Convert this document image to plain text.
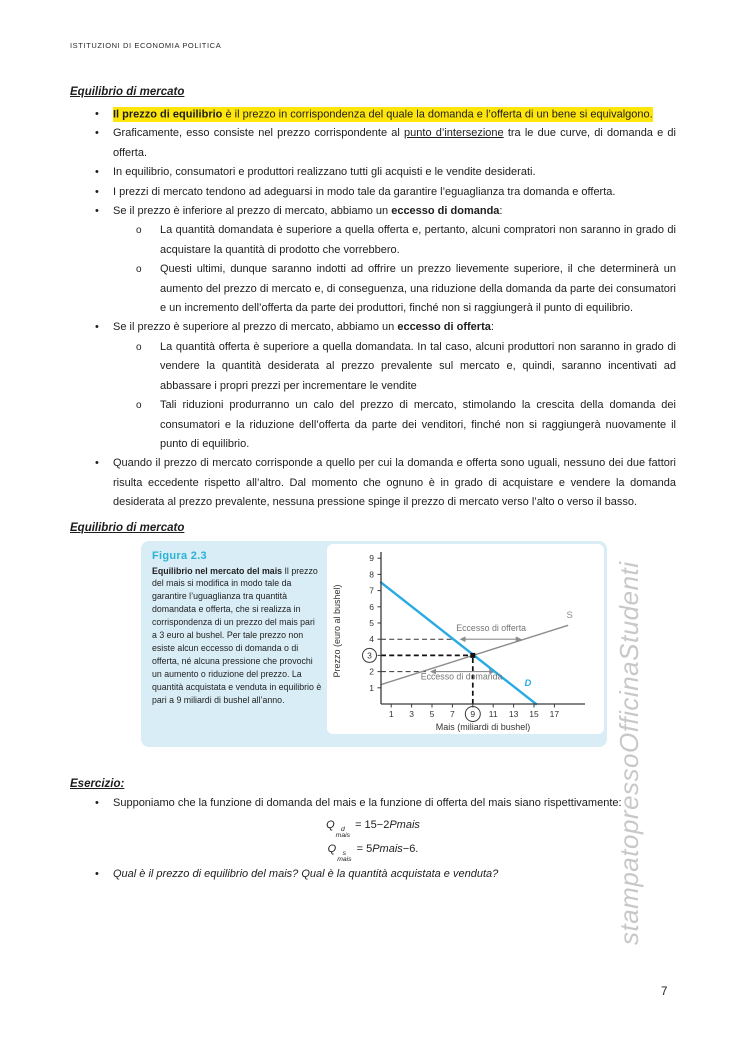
stampatopressoOfficinaStudenti
ISTITUZIONI DI ECONOMIA POLITICA
Equilibrio di mercato
• Il prezzo di equilibrio è il prezzo in corrispondenza del quale la domanda e l’offerta di un bene si equivalgono.
• Graficamente, esso consiste nel prezzo corrispondente al punto d’intersezione tra le due curve, di domanda e di offerta.
• In equilibrio, consumatori e produttori realizzano tutti gli acquisti e le vendite desiderati.
• I prezzi di mercato tendono ad adeguarsi in modo tale da garantire l’eguaglianza tra domanda e offerta.
• Se il prezzo è inferiore al prezzo di mercato, abbiamo un eccesso di domanda:
o La quantità domandata è superiore a quella offerta e, pertanto, alcuni compratori non saranno in grado di acquistare la quantità di prodotto che vorrebbero.
o Questi ultimi, dunque saranno indotti ad offrire un prezzo lievemente superiore, il che determinerà un aumento del prezzo di mercato e, di conseguenza, una riduzione della domanda da parte dei consumatori e un incremento dell’offerta da parte dei produttori, finché non si raggiungerà il punto di equilibrio.
• Se il prezzo è superiore al prezzo di mercato, abbiamo un eccesso di offerta:
o La quantità offerta è superiore a quella domandata. In tal caso, alcuni produttori non saranno in grado di vendere la quantità desiderata al prezzo prevalente sul mercato e, quindi, saranno incentivati ad abbassare i propri prezzi per incrementare le vendite
o Tali riduzioni produrranno un calo del prezzo di mercato, stimolando la crescita della domanda dei consumatori e la riduzione dell’offerta da parte dei venditori, finché non si raggiungerà nuovamente il punto di equilibrio.
• Quando il prezzo di mercato corrisponde a quello per cui la domanda e offerta sono uguali, nessuno dei due fattori risulta eccedente rispetto all’altro. Dal momento che ognuno è in grado di acquistare e vendere la domanda desiderata al prezzo prevalente, nessuna pressione spinge il prezzo di mercato verso l’alto o verso il basso.
Equilibrio di mercato
Figura 2.3

Equilibrio nel mercato del mais Il prezzo del mais si modifica in modo tale da garantire l’uguaglianza tra quantità domandata e offerta, che si realizza in corrispondenza di un prezzo del mais pari a 3 euro al bushel. Per tale prezzo non esiste alcun eccesso di domanda o di offerta, né alcuna pressione che provochi un aumento o riduzione del prezzo. La quantità acquistata e venduta in equilibrio è pari a 9 miliardi di bushel all’anno.

D
S
1
2
3
4
5
6
7
8
9
1 3 5 7 9 11 13 15 17
Eccesso di offerta
Eccesso di domanda
Mais (miliardi di bushel)
Prezzo (euro al bushel)
Esercizio:
• Supponiamo che la funzione di domanda del mais e la funzione di offerta del mais siano rispettivamente:
Q d
mais
= 15−2Pmais
Q s
mais
= 5Pmais−6.
• Qual è il prezzo di equilibrio del mais? Qual è la quantità acquistata e venduta?
7
